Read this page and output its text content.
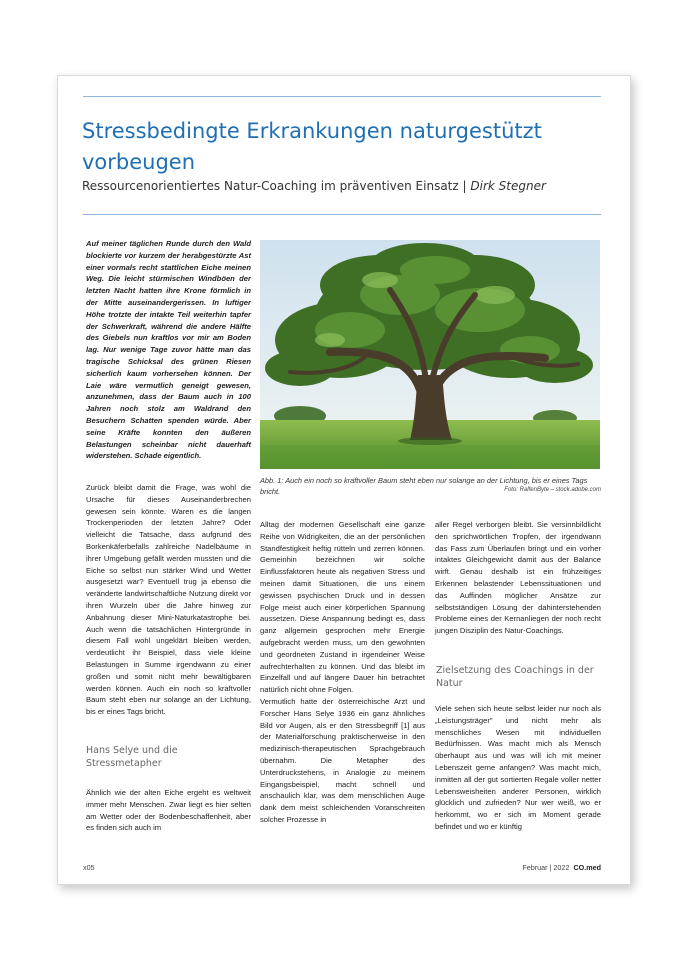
Stressbedingte Erkrankungen naturgestützt vorbeugen
Ressourcenorientiertes Natur-Coaching im präventiven Einsatz | Dirk Stegner

Auf meiner täglichen Runde durch den Wald blockierte vor kurzem der herabgestürzte Ast einer vormals recht stattlichen Eiche meinen Weg. Die leicht stürmischen Windböen der letzten Nacht hatten ihre Krone förmlich in der Mitte auseinandergerissen. In luftiger Höhe trotzte der intakte Teil weiterhin tapfer der Schwerkraft, während die andere Hälfte des Giebels nun kraftlos vor mir am Boden lag. Nur wenige Tage zuvor hätte man das tragische Schicksal des grünen Riesen sicherlich kaum vorhersehen können. Der Laie wäre vermutlich geneigt gewesen, anzunehmen, dass der Baum auch in 100 Jahren noch stolz am Waldrand den Besuchern Schatten spenden würde. Aber seine Kräfte konnten den äußeren Belastungen scheinbar nicht dauerhaft widerstehen. Schade eigentlich.

Abb. 1: Auch ein noch so kraftvoller Baum steht eben nur solange an der Lichtung, bis er eines Tags bricht.	Foto: RalfenByte – stock.adobe.com

Zurück bleibt damit die Frage, was wohl die Ursache für dieses Auseinanderbrechen gewesen sein könnte. Waren es die langen Trockenperioden der letzten Jahre? Oder vielleicht die Tatsache, dass aufgrund des Borkenkäferbefalls zahlreiche Nadelbäume in ihrer Umgebung gefällt werden mussten und die Eiche so selbst nun stärker Wind und Wetter ausgesetzt war? Eventuell trug ja ebenso die veränderte landwirtschaftliche Nutzung direkt vor ihren Wurzeln über die Jahre hinweg zur Anbahnung dieser Mini-Naturkatastrophe bei. Auch wenn die tatsächlichen Hintergründe in diesem Fall wohl ungeklärt bleiben werden, verdeutlicht ihr Beispiel, dass viele kleine Belastungen in Summe irgendwann zu einer großen und somit nicht mehr bewältigbaren werden können. Auch ein noch so kraftvoller Baum steht eben nur solange an der Lichtung, bis er eines Tags bricht.

Hans Selye und die Stressmetapher

Ähnlich wie der alten Eiche ergeht es weltweit immer mehr Menschen. Zwar liegt es hier selten am Wetter oder der Bodenbeschaffenheit, aber es finden sich auch im

Alltag der modernen Gesellschaft eine ganze Reihe von Widrigkeiten, die an der persönlichen Standfestigkeit heftig rütteln und zerren können. Gemeinhin bezeichnen wir solche Einflussfaktoren heute als negativen Stress und meinen damit Situationen, die uns einem gewissen psychischen Druck und in dessen Folge meist auch einer körperlichen Spannung aussetzen. Diese Anspannung bedingt es, dass ganz allgemein gesprochen mehr Energie aufgebracht werden muss, um den gewohnten und geordneten Zustand in irgendeiner Weise aufrechterhalten zu können. Und das bleibt im Einzelfall und auf längere Dauer hin betrachtet natürlich nicht ohne Folgen.

Vermutlich hatte der österreichische Arzt und Forscher Hans Selye 1936 ein ganz ähnliches Bild vor Augen, als er den Stressbegriff [1] aus der Materialforschung praktischerweise in den medizinisch-therapeutischen Sprachgebrauch übernahm. Die Metapher des Unterdruckstehens, in Analogie zu meinem Eingangsbeispiel, macht schnell und anschaulich klar, was dem menschlichen Auge dank dem meist schleichenden Voranschreiten solcher Prozesse in

aller Regel verborgen bleibt. Sie versinnbildlicht den sprichwörtlichen Tropfen, der irgendwann das Fass zum Überlaufen bringt und ein vorher intaktes Gleichgewicht damit aus der Balance wirft. Genau deshalb ist ein frühzeitiges Erkennen belastender Lebenssituationen und das Auffinden möglicher Ansätze zur selbstständigen Lösung der dahinterstehenden Probleme eines der Kernanliegen der noch recht jungen Disziplin des Natur-Coachings.

Zielsetzung des Coachings in der Natur

Viele sehen sich heute selbst leider nur noch als „Leistungsträger" und nicht mehr als menschliches Wesen mit individuellen Bedürfnissen. Was macht mich als Mensch überhaupt aus und was will ich mit meiner Lebenszeit gerne anfangen? Was macht mich, inmitten all der gut sortierten Regale voller netter Lebensweisheiten anderer Personen, wirklich glücklich und zufrieden? Nur wer weiß, wo er herkommt, wo er sich im Moment gerade befindet und wo er künftig

x05	Februar | 2022 CO.med
